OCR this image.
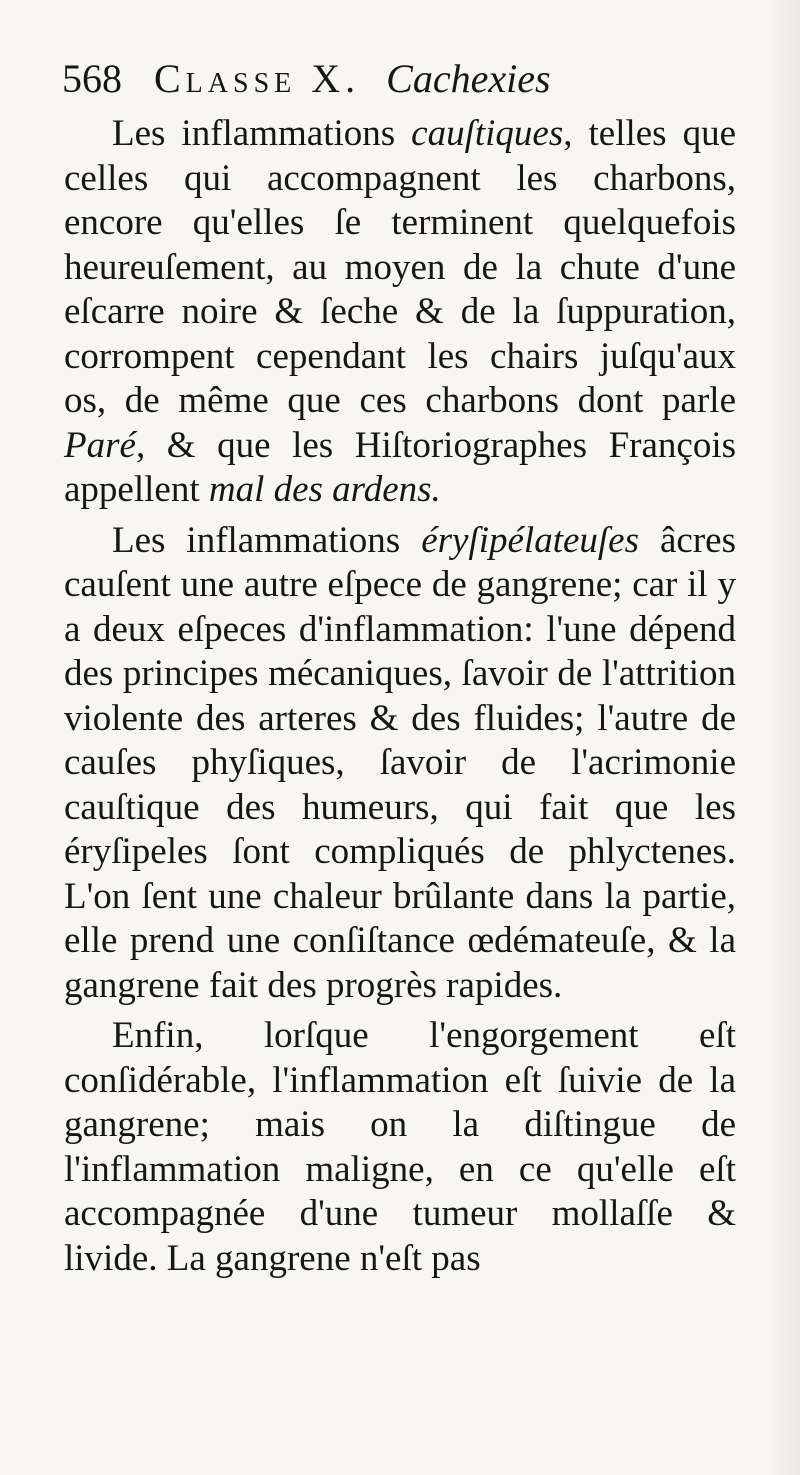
568 Classe X. Cachexies

Les inflammations cauſtiques, telles que celles qui accompagnent les charbons, encore qu'elles ſe terminent quelquefois heureuſement, au moyen de la chute d'une eſcarre noire & ſeche & de la ſuppuration, corrompent cependant les chairs juſqu'aux os, de même que ces charbons dont parle Paré, & que les Hiſtoriographes François appellent mal des ardens.

Les inflammations éryſipélateuſes âcres cauſent une autre eſpece de gangrene; car il y a deux eſpeces d'inflammation: l'une dépend des principes mécaniques, ſavoir de l'attrition violente des arteres & des fluides; l'autre de cauſes phyſiques, ſavoir de l'acrimonie cauſtique des humeurs, qui fait que les éryſipeles ſont compliqués de phlyctenes. L'on ſent une chaleur brûlante dans la partie, elle prend une conſiſtance œdémateuſe, & la gangrene fait des progrès rapides.

Enfin, lorſque l'engorgement eſt conſidérable, l'inflammation eſt ſuivie de la gangrene; mais on la diſtingue de l'inflammation maligne, en ce qu'elle eſt accompagnée d'une tumeur mollaſſe & livide. La gangrene n'eſt pas
